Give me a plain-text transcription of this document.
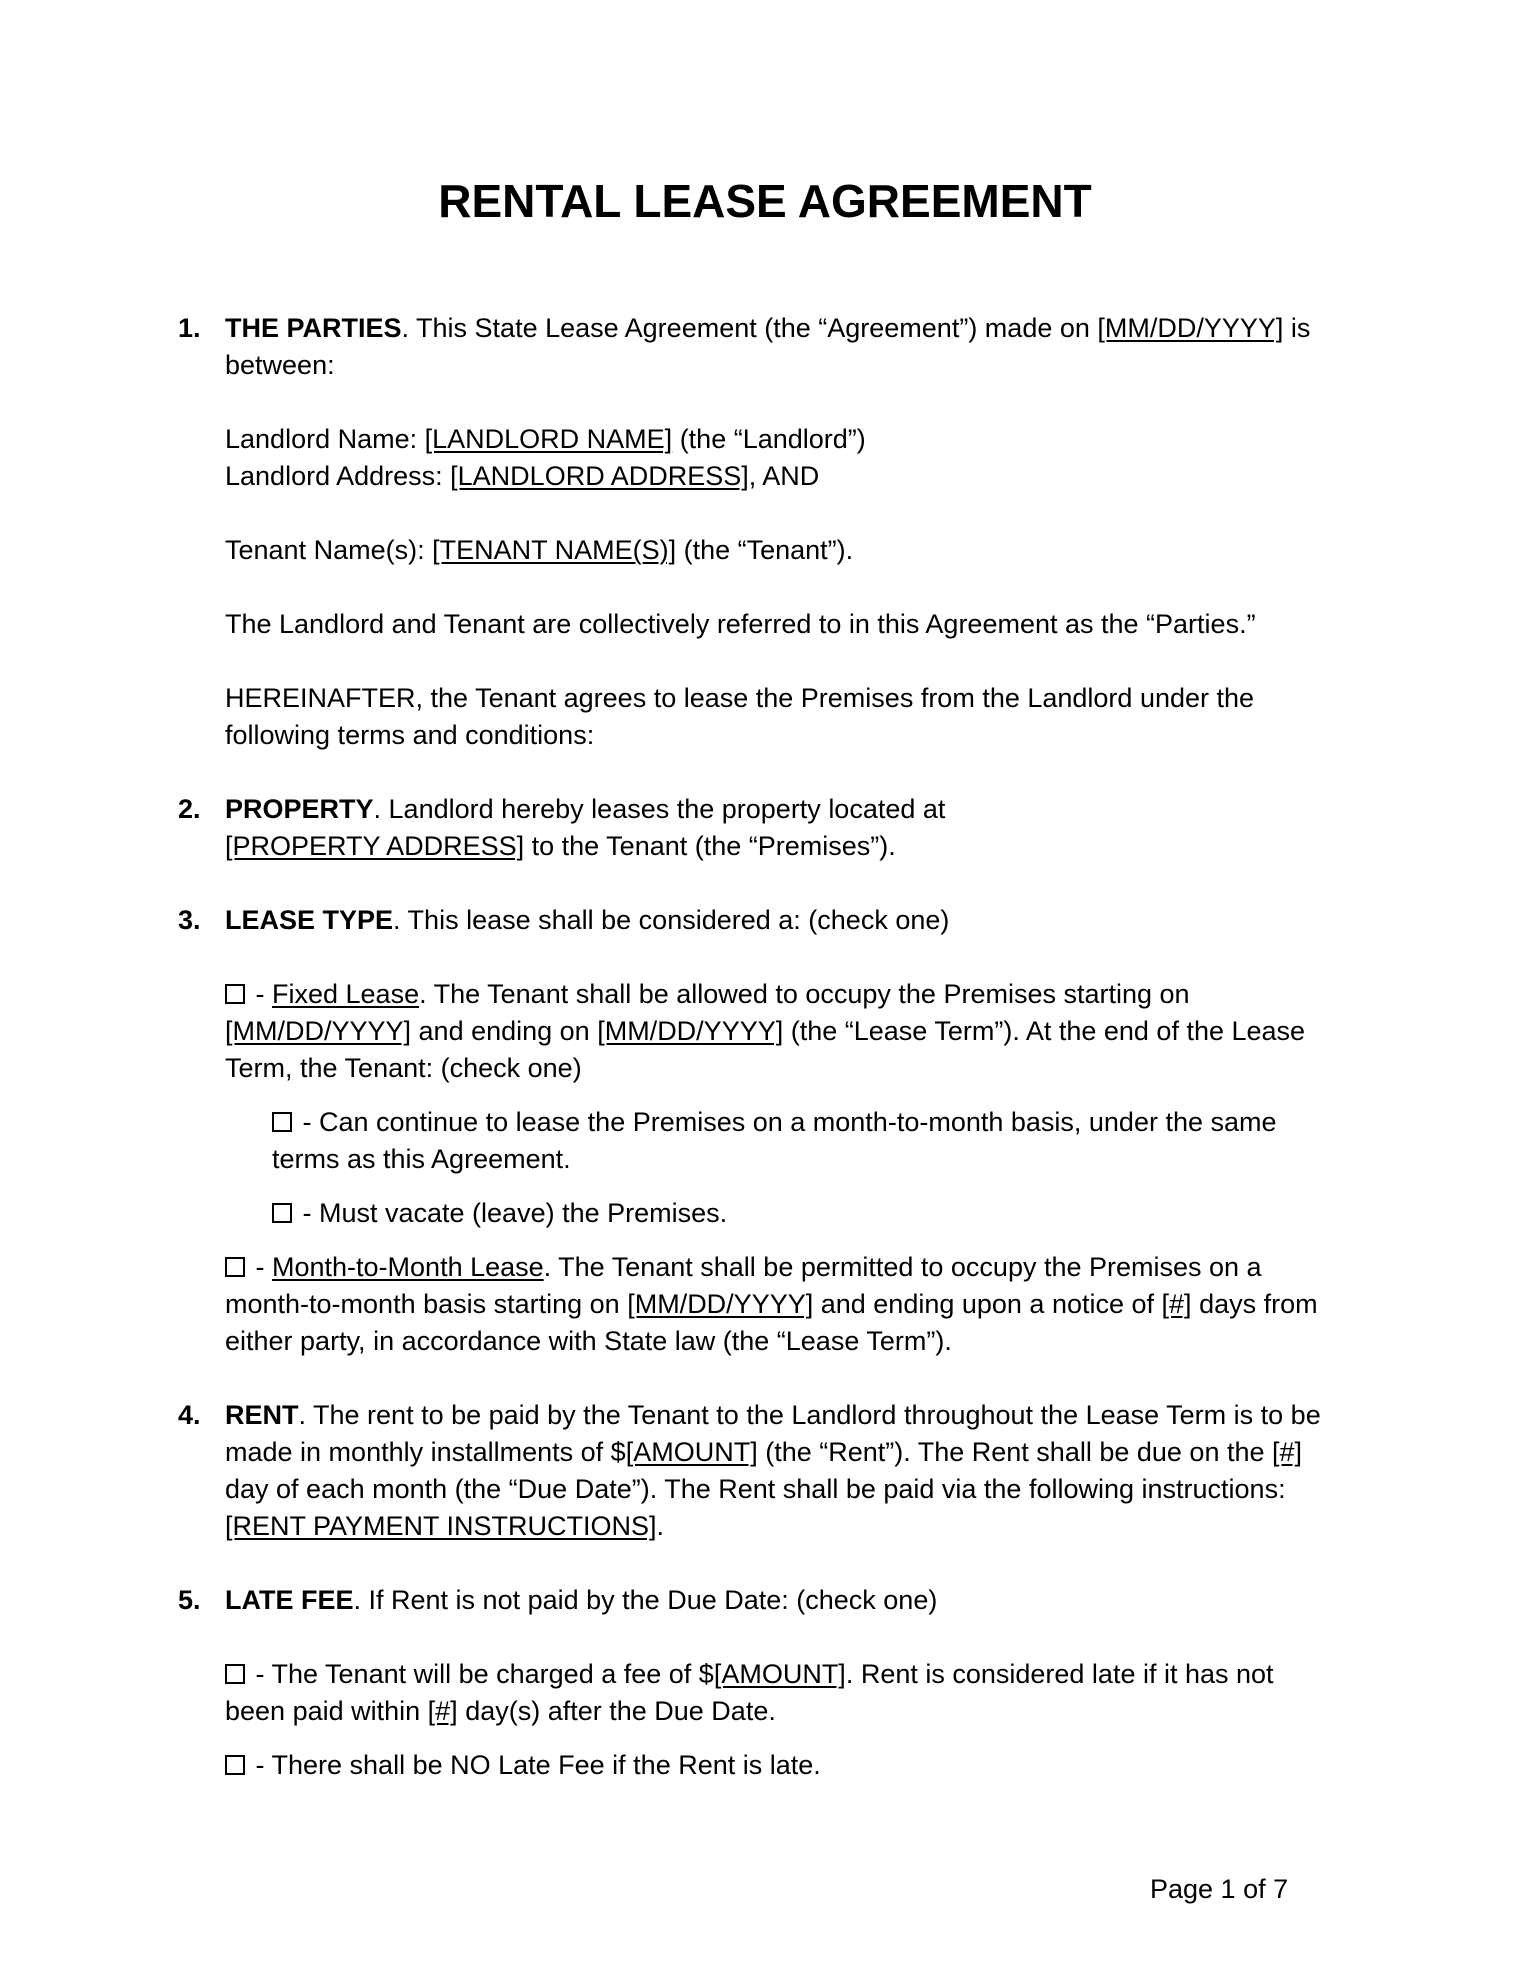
RENTAL LEASE AGREEMENT
1. THE PARTIES. This State Lease Agreement (the “Agreement”) made on [MM/DD/YYYY] is
between:
Landlord Name: [LANDLORD NAME] (the “Landlord”)
Landlord Address: [LANDLORD ADDRESS], AND
Tenant Name(s): [TENANT NAME(S)] (the “Tenant”).
The Landlord and Tenant are collectively referred to in this Agreement as the “Parties.”
HEREINAFTER, the Tenant agrees to lease the Premises from the Landlord under the
following terms and conditions:
2. PROPERTY. Landlord hereby leases the property located at
[PROPERTY ADDRESS] to the Tenant (the “Premises”).
3. LEASE TYPE. This lease shall be considered a: (check one)
- Fixed Lease. The Tenant shall be allowed to occupy the Premises starting on
[MM/DD/YYYY] and ending on [MM/DD/YYYY] (the “Lease Term”). At the end of the Lease
Term, the Tenant: (check one)
- Can continue to lease the Premises on a month-to-month basis, under the same
terms as this Agreement.
- Must vacate (leave) the Premises.
- Month-to-Month Lease. The Tenant shall be permitted to occupy the Premises on a
month-to-month basis starting on [MM/DD/YYYY] and ending upon a notice of [#] days from
either party, in accordance with State law (the “Lease Term”).
4. RENT. The rent to be paid by the Tenant to the Landlord throughout the Lease Term is to be
made in monthly installments of $[AMOUNT] (the “Rent”). The Rent shall be due on the [#]
day of each month (the “Due Date”). The Rent shall be paid via the following instructions:
[RENT PAYMENT INSTRUCTIONS].
5. LATE FEE. If Rent is not paid by the Due Date: (check one)
- The Tenant will be charged a fee of $[AMOUNT]. Rent is considered late if it has not
been paid within [#] day(s) after the Due Date.
- There shall be NO Late Fee if the Rent is late.
Page 1 of 7
